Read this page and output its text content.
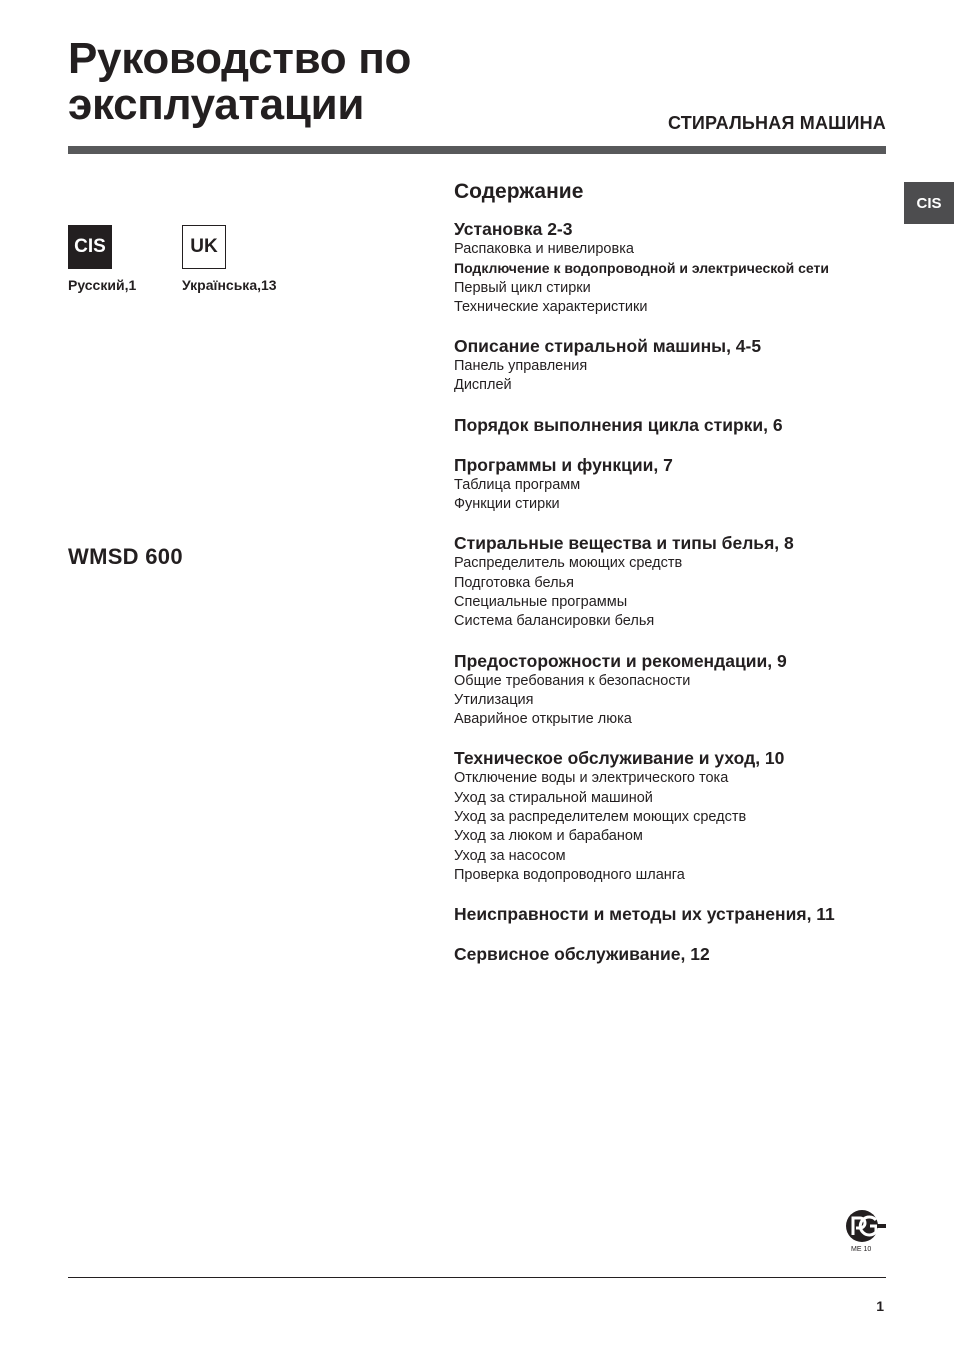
Руководство по эксплуатации	СТИРАЛЬНАЯ МАШИНА
CIS
CIS
Русский,1
UK
Українська,13
WMSD 600
Содержание
Установка 2-3
Распаковка и нивелировка
Подключение к водопроводной и электрической сети
Первый цикл стирки
Технические характеристики
Описание стиральной машины, 4-5
Панель управления
Дисплей
Порядок выполнения цикла стирки, 6
Программы и функции, 7
Таблица программ
Функции стирки
Стиральные вещества и типы белья, 8
Распределитель моющих средств
Подготовка белья
Специальные программы
Система балансировки белья
Предосторожности и рекомендации, 9
Общие требования к безопасности
Утилизация
Аварийное открытие люка
Техническое обслуживание и уход, 10
Отключение воды и электрического тока
Уход за стиральной машиной
Уход за распределителем моющих средств
Уход за люком и барабаном
Уход за насосом
Проверка водопроводного шланга
Неисправности и методы их устранения, 11
Сервисное обслуживание, 12
ME 10
1
